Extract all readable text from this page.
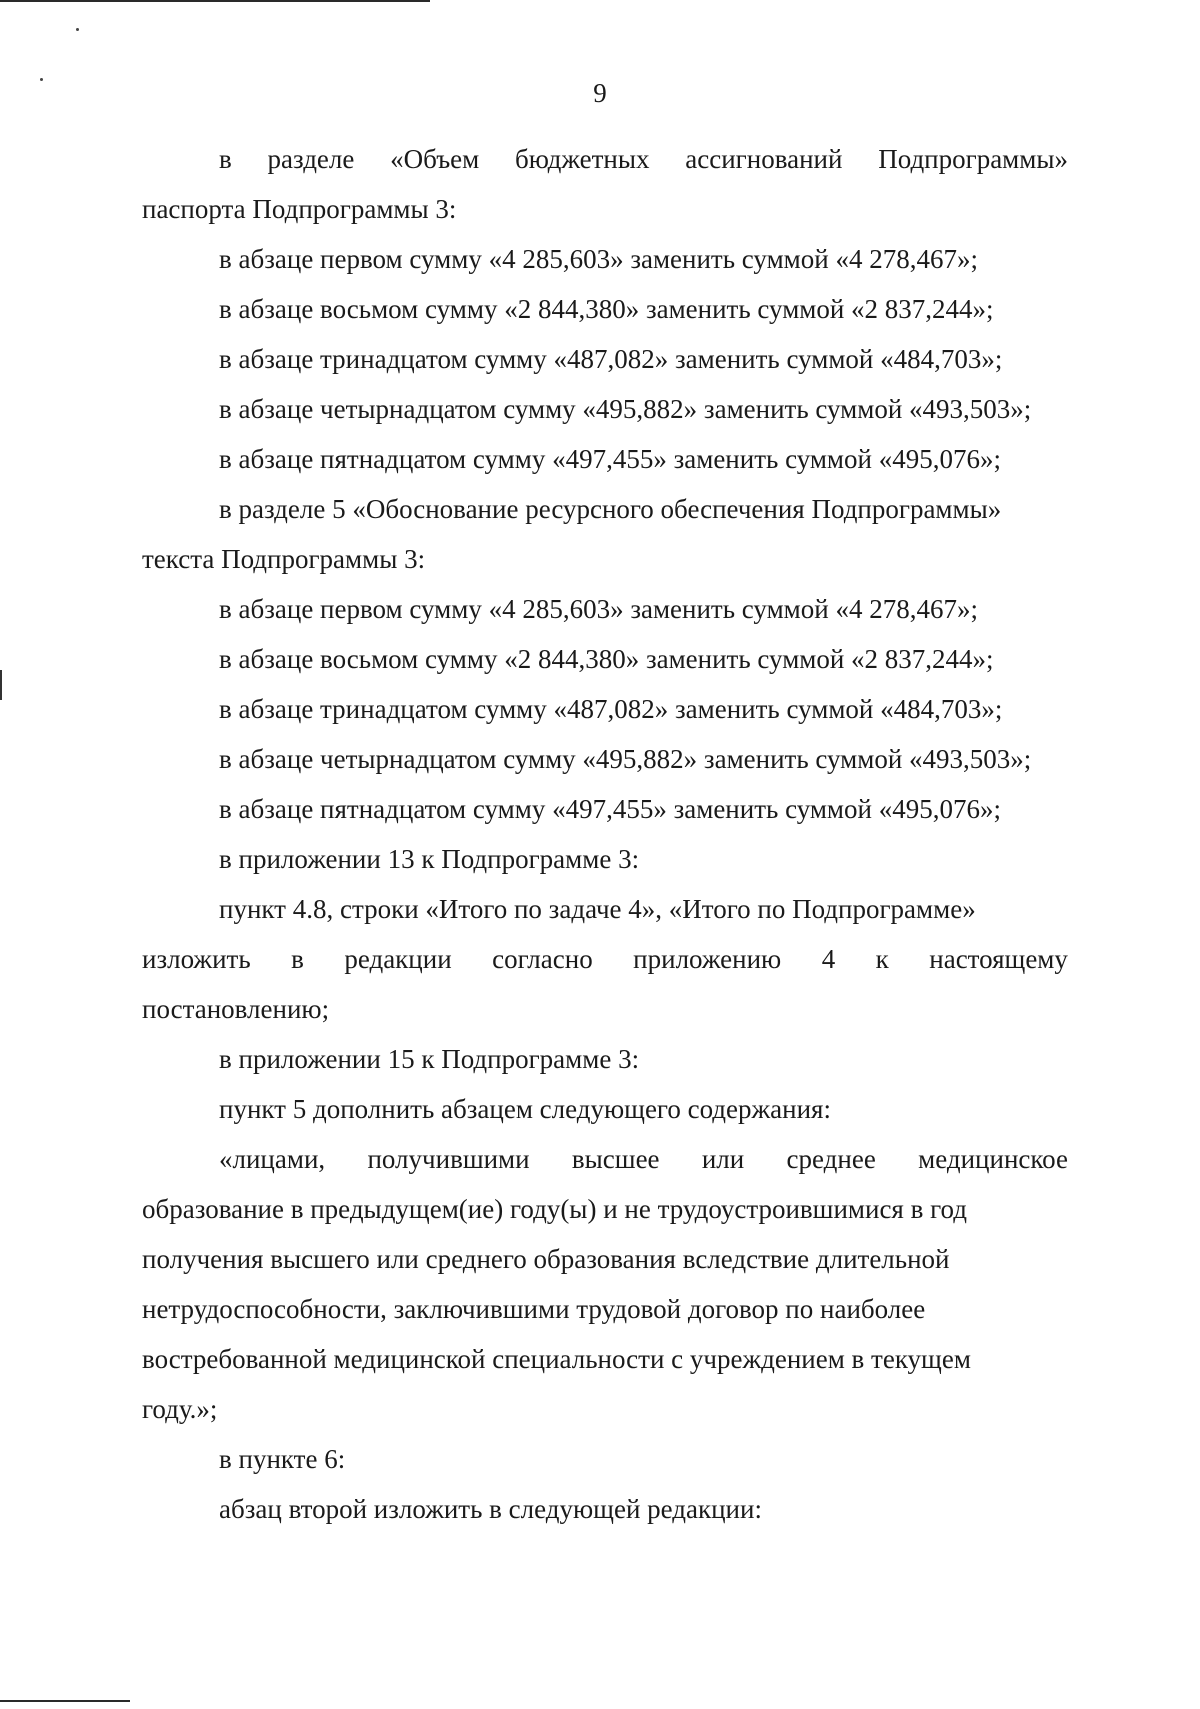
9
в разделе «Объем бюджетных ассигнований Подпрограммы»
паспорта Подпрограммы 3:
в абзаце первом сумму «4 285,603» заменить суммой «4 278,467»;
в абзаце восьмом сумму «2 844,380» заменить суммой «2 837,244»;
в абзаце тринадцатом сумму «487,082» заменить суммой «484,703»;
в абзаце четырнадцатом сумму «495,882» заменить суммой «493,503»;
в абзаце пятнадцатом сумму «497,455» заменить суммой «495,076»;
в разделе 5 «Обоснование ресурсного обеспечения Подпрограммы»
текста Подпрограммы 3:
в абзаце первом сумму «4 285,603» заменить суммой «4 278,467»;
в абзаце восьмом сумму «2 844,380» заменить суммой «2 837,244»;
в абзаце тринадцатом сумму «487,082» заменить суммой «484,703»;
в абзаце четырнадцатом сумму «495,882» заменить суммой «493,503»;
в абзаце пятнадцатом сумму «497,455» заменить суммой «495,076»;
в приложении 13 к Подпрограмме 3:
пункт 4.8, строки «Итого по задаче 4», «Итого по Подпрограмме»
изложить в редакции согласно приложению 4 к настоящему
постановлению;
в приложении 15 к Подпрограмме 3:
пункт 5 дополнить абзацем следующего содержания:
«лицами, получившими высшее или среднее медицинское
образование в предыдущем(ие) году(ы) и не трудоустроившимися в год
получения высшего или среднего образования вследствие длительной
нетрудоспособности, заключившими трудовой договор по наиболее
востребованной медицинской специальности с учреждением в текущем
году.»;
в пункте 6:
абзац второй изложить в следующей редакции:
